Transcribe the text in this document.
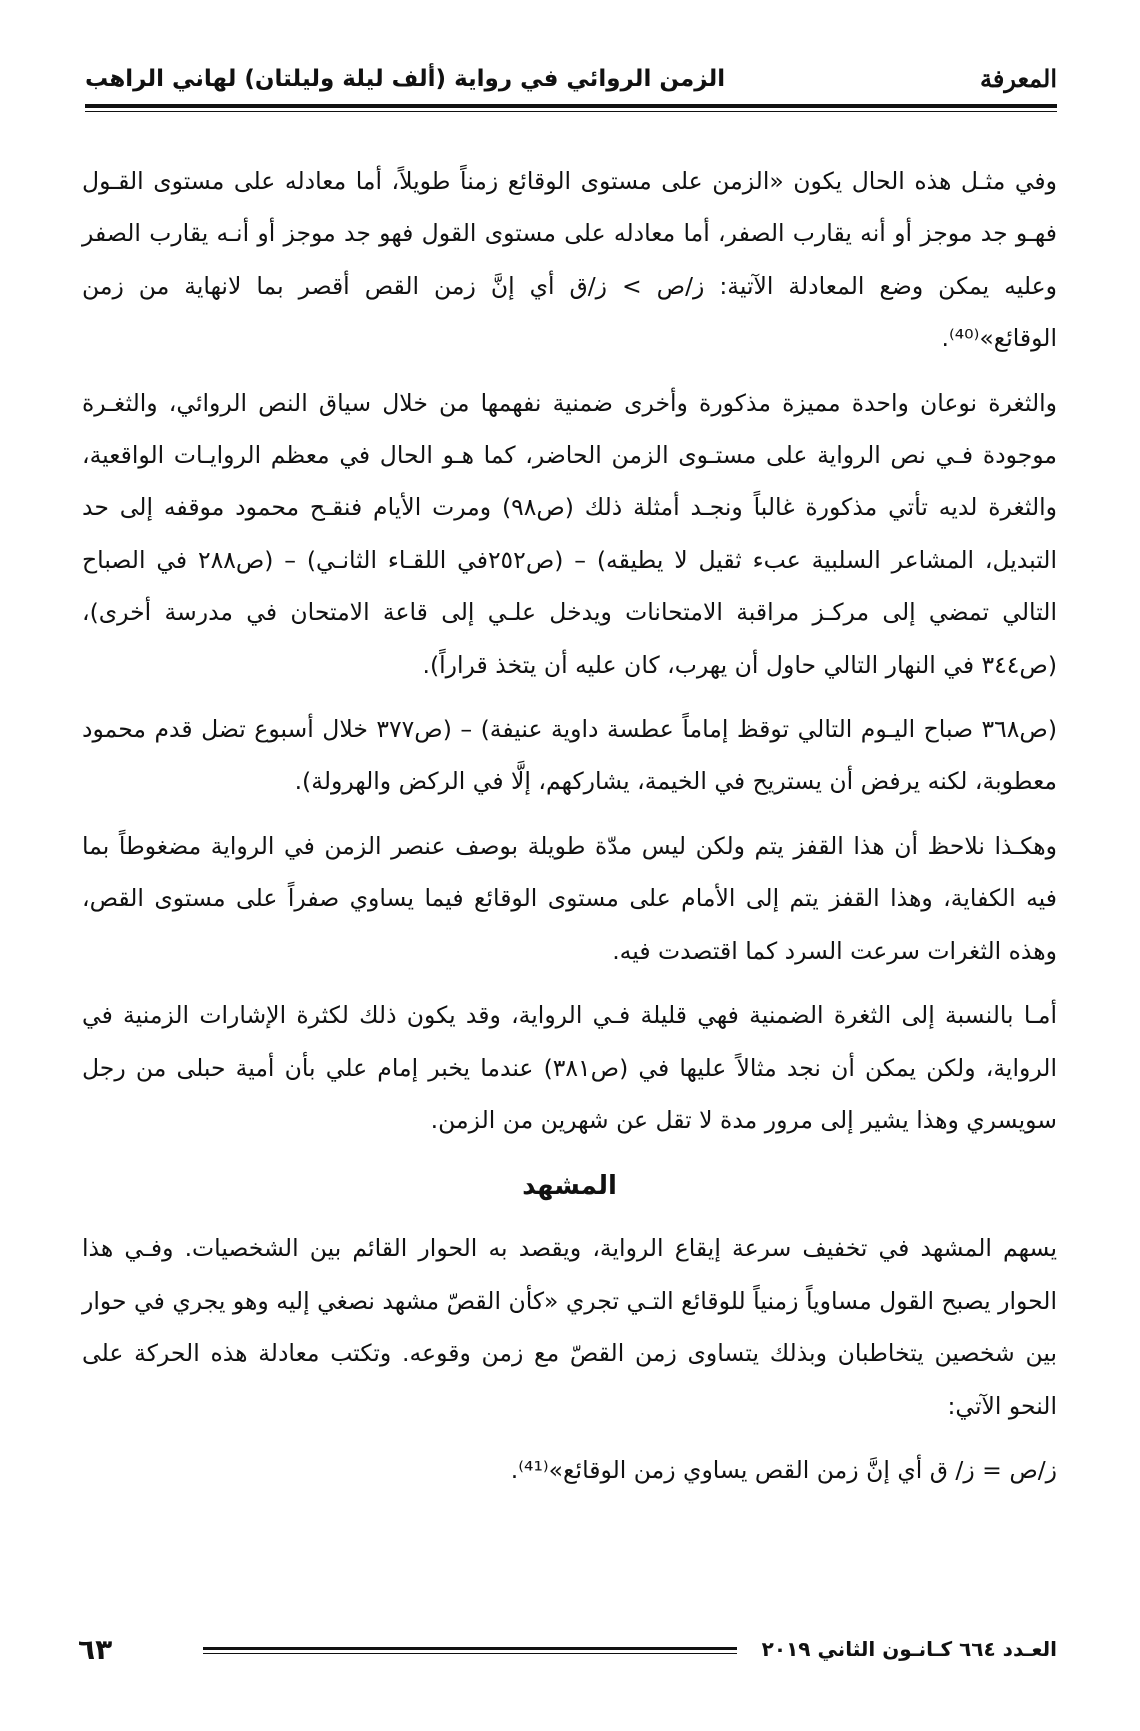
المعرفة
الزمن الروائي في رواية (ألف ليلة وليلتان) لهاني الراهب

وفي مثـل هذه الحال يكون «الزمن على مستوى الوقائع زمناً طويلاً، أما معادله على مستوى القـول فهـو جد موجز أو أنه يقارب الصفر، أما معادله على مستوى القول فهو جد موجز أو أنـه يقارب الصفر وعليه يمكن وضع المعادلة الآتية: ز/ص > ز/ق أي إنَّ زمن القص أقصر بما لانهاية من زمن الوقائع»⁽⁴⁰⁾.

والثغرة نوعان واحدة مميزة مذكورة وأخرى ضمنية نفهمها من خلال سياق النص الروائي، والثغـرة موجودة فـي نص الرواية على مستـوى الزمن الحاضر، كما هـو الحال في معظم الروايـات الواقعية، والثغرة لديه تأتي مذكورة غالباً ونجـد أمثلة ذلك (ص٩٨) ومرت الأيام فنقـح محمود موقفه إلى حد التبديل، المشاعر السلبية عبء ثقيل لا يطيقه) – (ص٢٥٢في اللقـاء الثانـي) – (ص٢٨٨ في الصباح التالي تمضي إلى مركـز مراقبة الامتحانات ويدخل علـي إلى قاعة الامتحان في مدرسة أخرى)، (ص٣٤٤ في النهار التالي حاول أن يهرب، كان عليه أن يتخذ قراراً).

(ص٣٦٨ صباح اليـوم التالي توقظ إماماً عطسة داوية عنيفة) – (ص٣٧٧ خلال أسبوع تضل قدم محمود معطوبة، لكنه يرفض أن يستريح في الخيمة، يشاركهم، إلَّا في الركض والهرولة).

وهكـذا نلاحظ أن هذا القفز يتم ولكن ليس مدّة طويلة بوصف عنصر الزمن في الرواية مضغوطاً بما فيه الكفاية، وهذا القفز يتم إلى الأمام على مستوى الوقائع فيما يساوي صفراً على مستوى القص، وهذه الثغرات سرعت السرد كما اقتصدت فيه.

أمـا بالنسبة إلى الثغرة الضمنية فهي قليلة فـي الرواية، وقد يكون ذلك لكثرة الإشارات الزمنية في الرواية، ولكن يمكن أن نجد مثالاً عليها في (ص٣٨١) عندما يخبر إمام علي بأن أمية حبلى من رجل سويسري وهذا يشير إلى مرور مدة لا تقل عن شهرين من الزمن.

المشهد

يسهم المشهد في تخفيف سرعة إيقاع الرواية، ويقصد به الحوار القائم بين الشخصيات. وفـي هذا الحوار يصبح القول مساوياً زمنياً للوقائع التـي تجري «كأن القصّ مشهد نصغي إليه وهو يجري في حوار بين شخصين يتخاطبان وبذلك يتساوى زمن القصّ مع زمن وقوعه. وتكتب معادلة هذه الحركة على النحو الآتي:

ز/ص = ز/ ق أي إنَّ زمن القص يساوي زمن الوقائع»⁽⁴¹⁾.

٦٣	العـدد ٦٦٤ كـانـون الثاني ٢٠١٩
